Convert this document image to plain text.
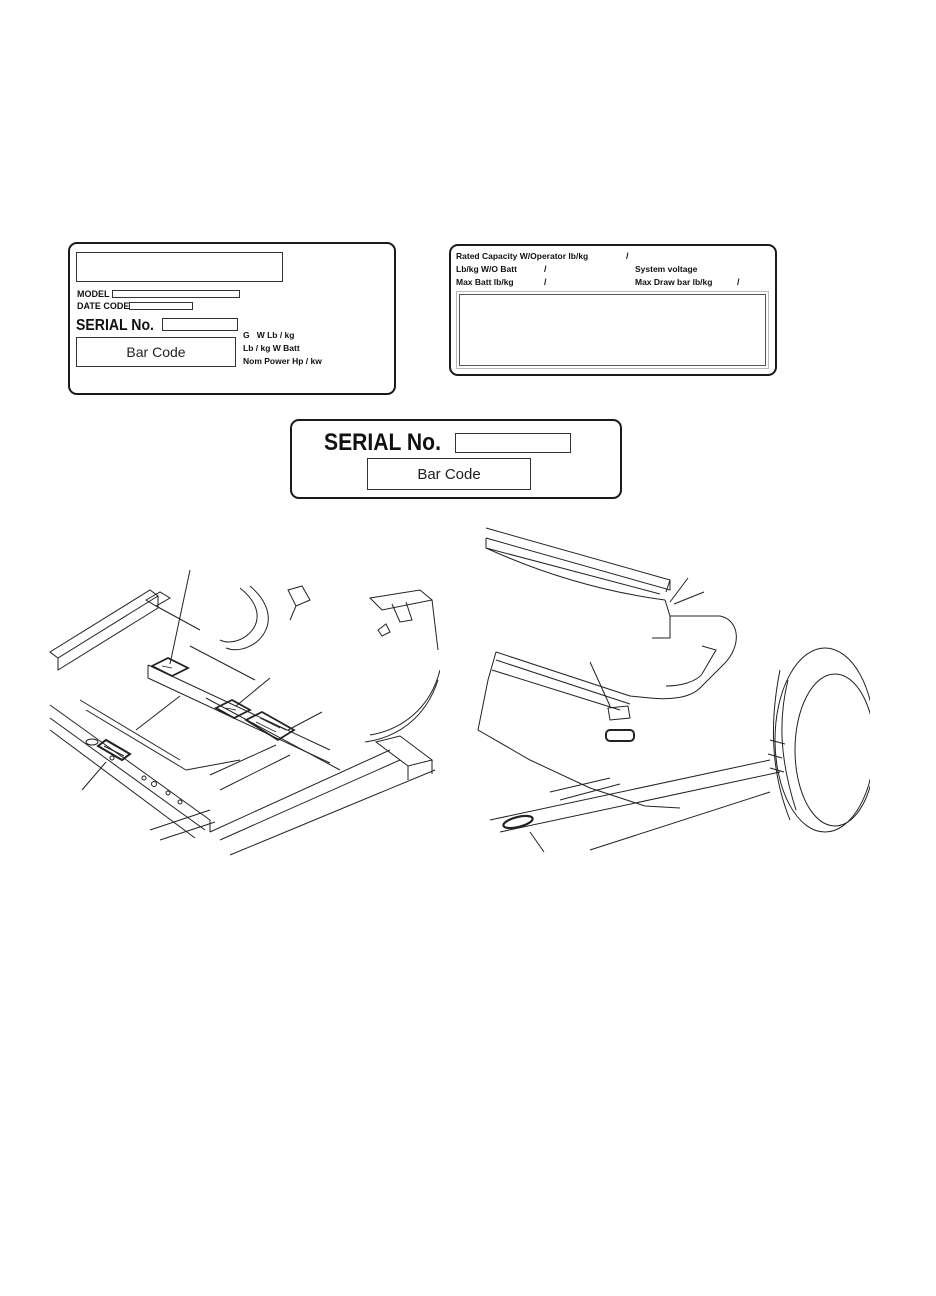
MODEL
DATE CODE
SERIAL No.
Bar Code
G   W Lb / kg
Lb / kg W Batt
Nom Power Hp / kw
Rated Capacity W/Operator lb/kg	/
Lb/kg W/O Batt	/	System voltage
Max Batt lb/kg	/	Max Draw bar lb/kg	/
SERIAL No.
Bar Code
